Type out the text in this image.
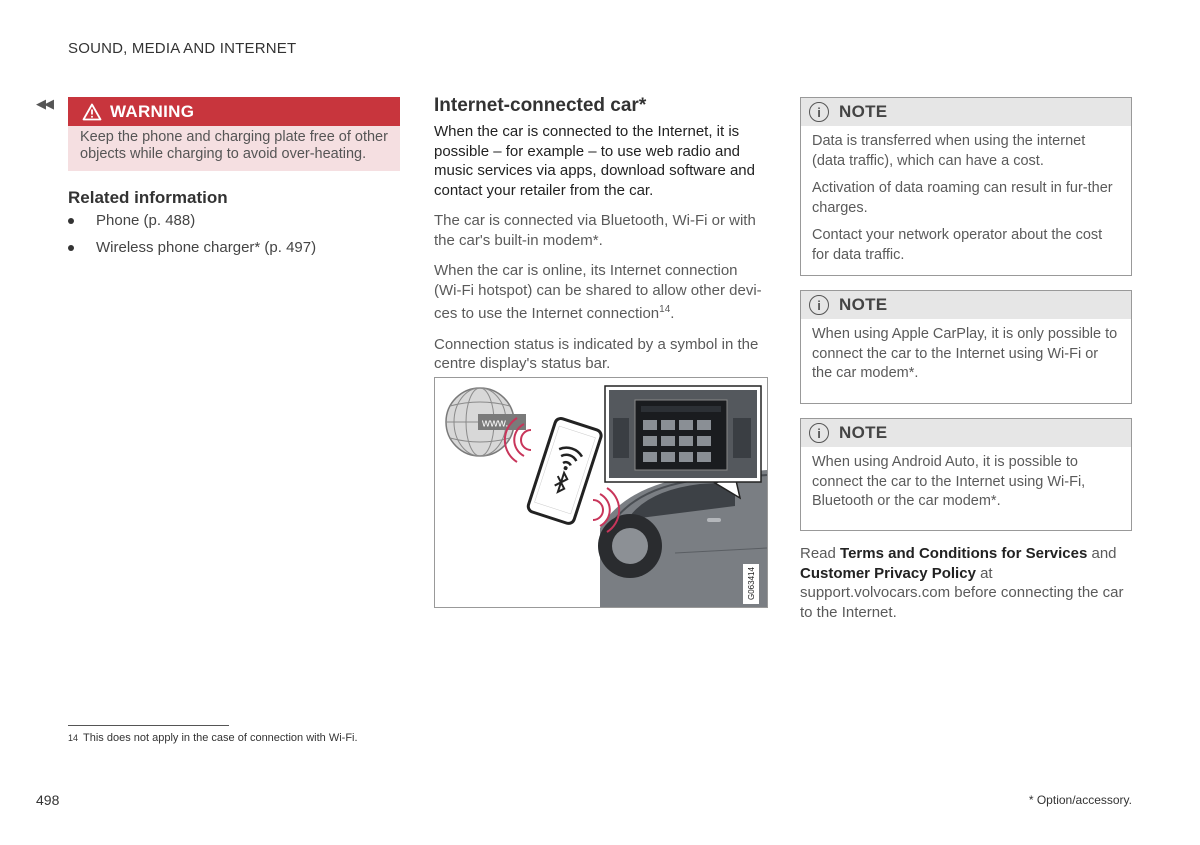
SOUND, MEDIA AND INTERNET
◀◀	WARNING
Keep the phone and charging plate free of other objects while charging to avoid over-heating.
Related information
Phone (p. 488)
Wireless phone charger* (p. 497)
Internet-connected car*

When the car is connected to the Internet, it is possible – for example – to use web radio and music services via apps, download software and contact your retailer from the car.

The car is connected via Bluetooth, Wi-Fi or with the car's built-in modem*.

When the car is online, its Internet connection (Wi-Fi hotspot) can be shared to allow other devi-ces to use the Internet connection$^{14}$.

Connection status is indicated by a symbol in the centre display's status bar.

www.
G063414
i	NOTE

Data is transferred when using the internet (data traffic), which can have a cost.

Activation of data roaming can result in fur-ther charges.

Contact your network operator about the cost for data traffic.

i	NOTE

When using Apple CarPlay, it is only possible to connect the car to the Internet using Wi-Fi or the car modem*.

i	NOTE

When using Android Auto, it is possible to connect the car to the Internet using Wi-Fi, Bluetooth or the car modem*.

Read Terms and Conditions for Services and Customer Privacy Policy at support.volvocars.com before connecting the car to the Internet.
14 This does not apply in the case of connection with Wi-Fi.
498	* Option/accessory.
